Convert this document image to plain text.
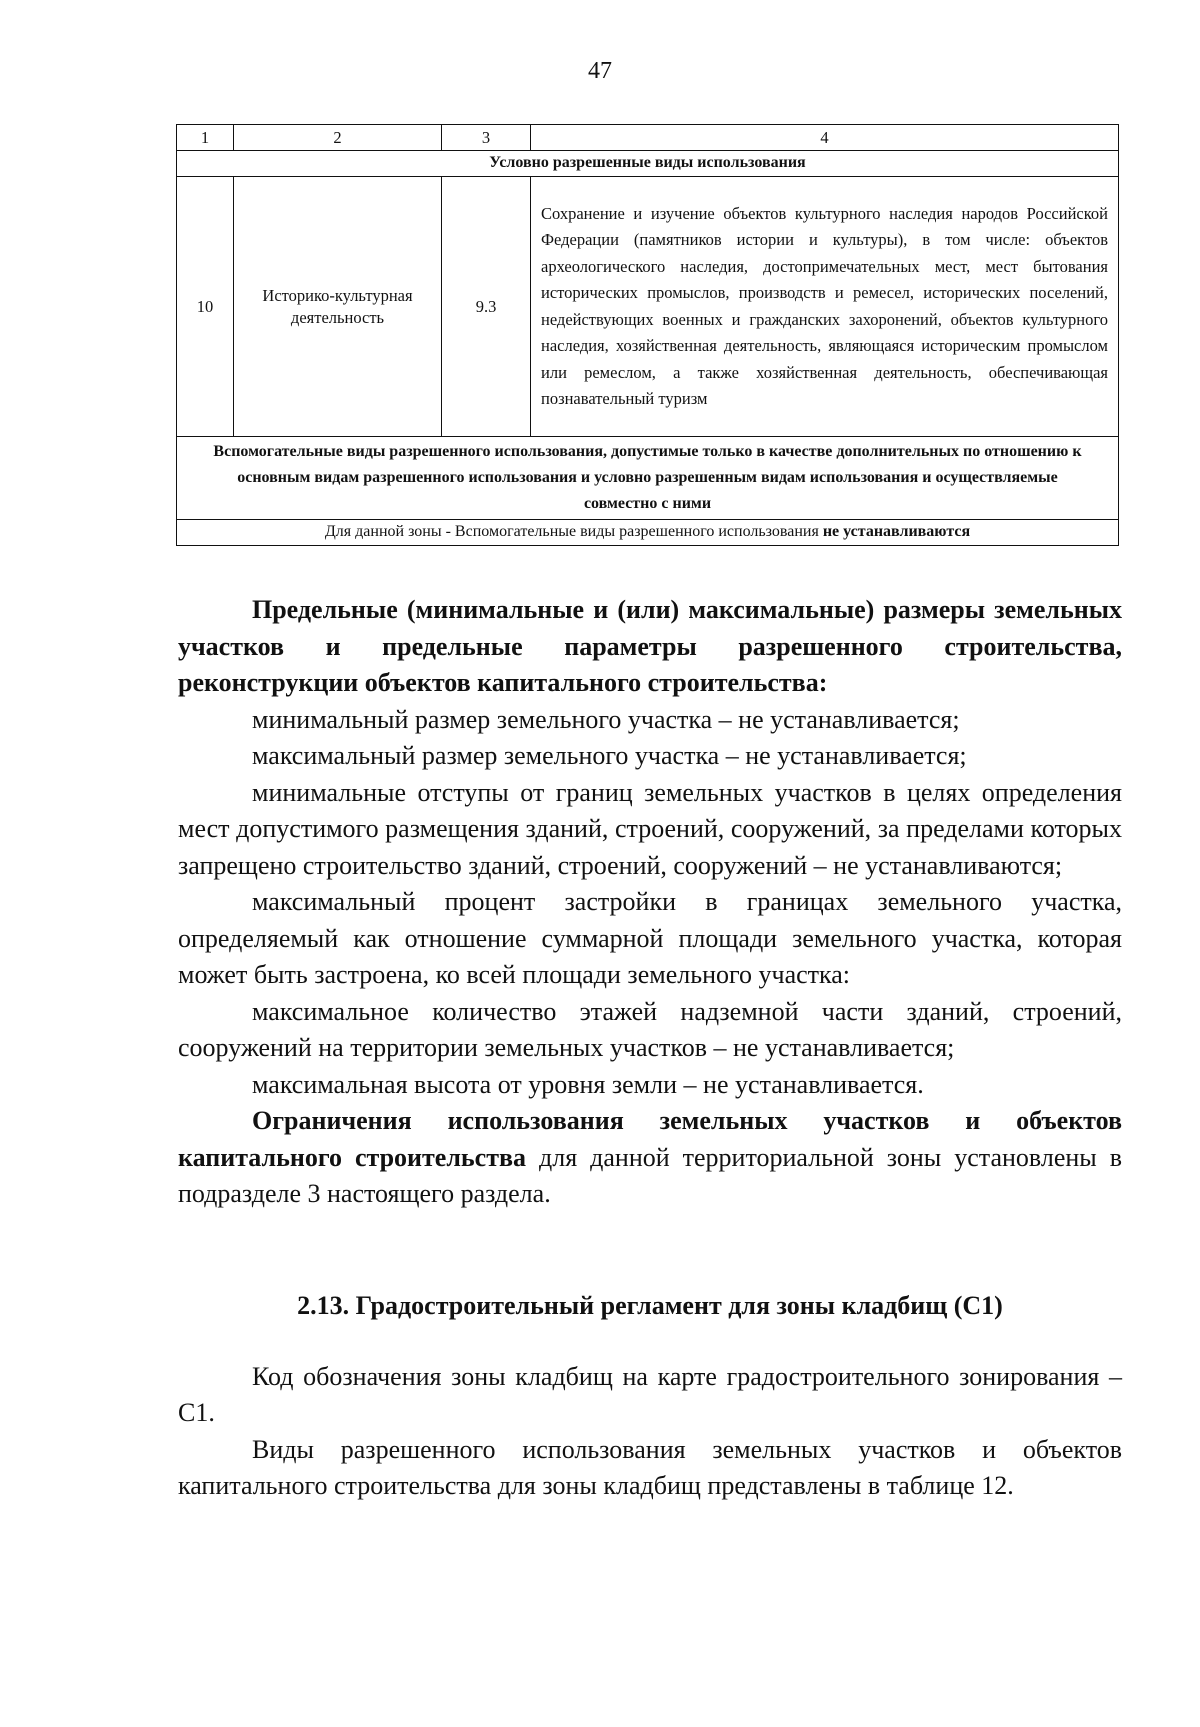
47
1	2	3	4
Условно разрешенные виды использования			
10	Историко-культурная деятельность	9.3	Сохранение и изучение объектов культурного наследия народов Российской Федерации (памятников истории и культуры), в том числе: объектов археологического наследия, достопримечательных мест, мест бытования исторических промыслов, производств и ремесел, исторических поселений, недействующих военных и гражданских захоронений, объектов культурного наследия, хозяйственная деятельность, являющаяся историческим промыслом или ремеслом, а также хозяйственная деятельность, обеспечивающая познавательный туризм
Вспомогательные виды разрешенного использования, допустимые только в качестве дополнительных по отношению к основным видам разрешенного использования и условно разрешенным видам использования и осуществляемые совместно с ними			
Для данной зоны - Вспомогательные виды разрешенного использования не устанавливаются			

Предельные (минимальные и (или) максимальные) размеры земельных участков и предельные параметры разрешенного строительства, реконструкции объектов капитального строительства:

минимальный размер земельного участка – не устанавливается;

максимальный размер земельного участка – не устанавливается;

минимальные отступы от границ земельных участков в целях определения мест допустимого размещения зданий, строений, сооружений, за пределами которых запрещено строительство зданий, строений, сооружений – не устанавливаются;

максимальный процент застройки в границах земельного участка, определяемый как отношение суммарной площади земельного участка, которая может быть застроена, ко всей площади земельного участка:

максимальное количество этажей надземной части зданий, строений, сооружений на территории земельных участков – не устанавливается;

максимальная высота от уровня земли – не устанавливается.

Ограничения использования земельных участков и объектов капитального строительства для данной территориальной зоны установлены в подразделе 3 настоящего раздела.

2.13. Градостроительный регламент для зоны кладбищ (С1)

Код обозначения зоны кладбищ на карте градостроительного зонирования – С1.

Виды разрешенного использования земельных участков и объектов капитального строительства для зоны кладбищ представлены в таблице 12.
